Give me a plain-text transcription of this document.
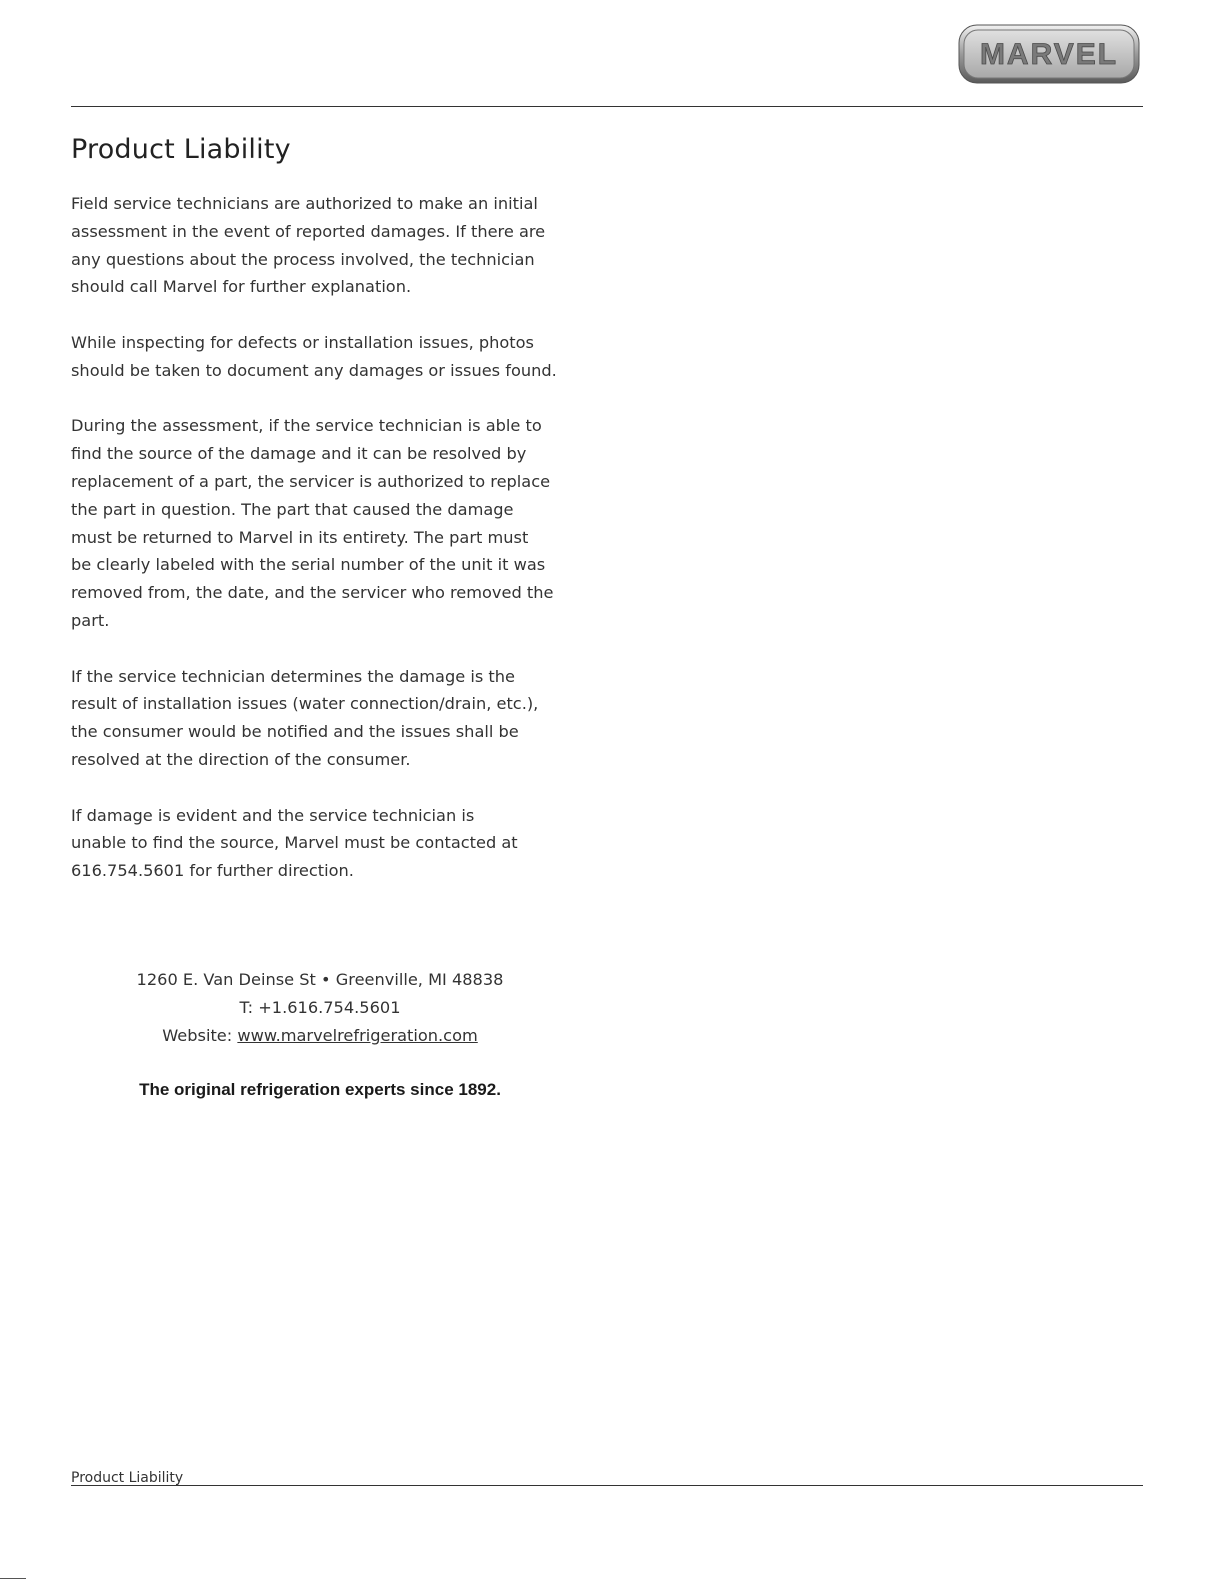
MARVEL
Product Liability

Field service technicians are authorized to make an initial
assessment in the event of reported damages. If there are
any questions about the process involved, the technician
should call Marvel for further explanation.

While inspecting for defects or installation issues, photos
should be taken to document any damages or issues found.

During the assessment, if the service technician is able to
find the source of the damage and it can be resolved by
replacement of a part, the servicer is authorized to replace
the part in question. The part that caused the damage
must be returned to Marvel in its entirety. The part must
be clearly labeled with the serial number of the unit it was
removed from, the date, and the servicer who removed the
part.

If the service technician determines the damage is the
result of installation issues (water connection/drain, etc.),
the consumer would be notified and the issues shall be
resolved at the direction of the consumer.

If damage is evident and the service technician is
unable to find the source, Marvel must be contacted at
616.754.5601 for further direction.

1260 E. Van Deinse St • Greenville, MI 48838
T: +1.616.754.5601
Website: www.marvelrefrigeration.com
The original refrigeration experts since 1892.
Product Liability
